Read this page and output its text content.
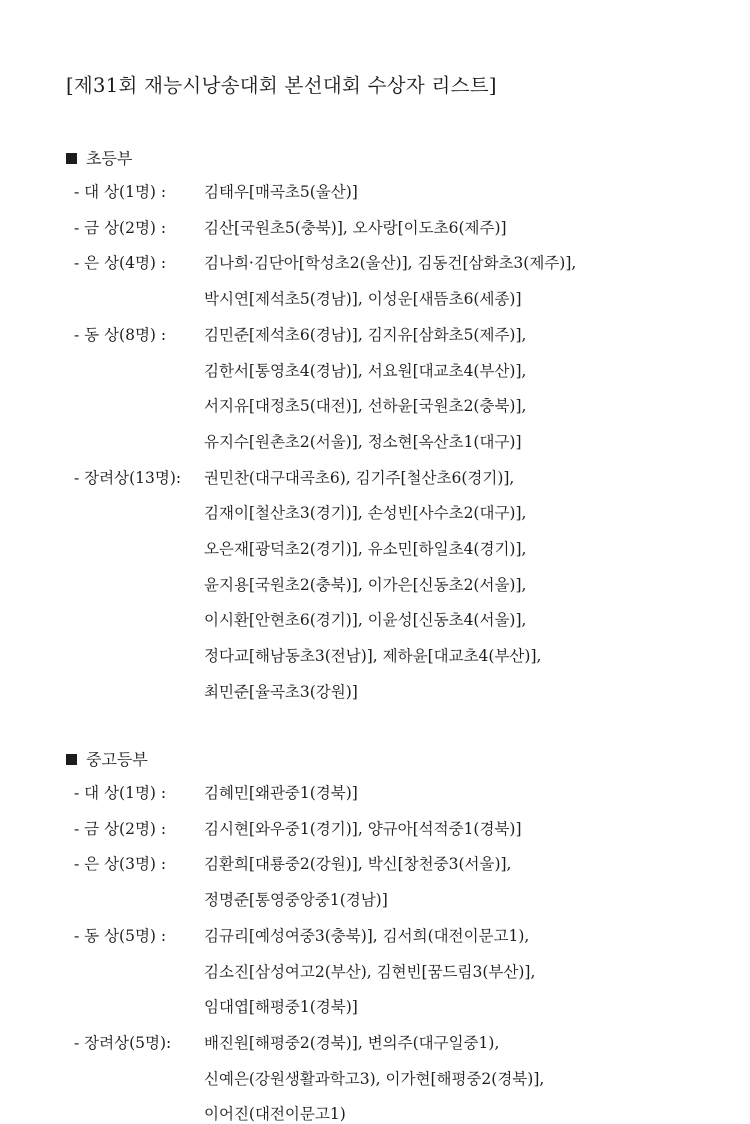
[제31회 재능시낭송대회 본선대회 수상자 리스트]
초등부
- 대 상(1명) : 김태우[매곡초5(울산)]
- 금 상(2명) : 김산[국원초5(충북)], 오사랑[이도초6(제주)]
- 은 상(4명) : 김나희·김단아[학성초2(울산)], 김동건[삼화초3(제주)],
박시연[제석초5(경남)], 이성운[새뜸초6(세종)]
- 동 상(8명) : 김민준[제석초6(경남)], 김지유[삼화초5(제주)],
김한서[통영초4(경남)], 서요원[대교초4(부산)],
서지유[대정초5(대전)], 선하윤[국원초2(충북)],
유지수[원촌초2(서울)], 정소현[옥산초1(대구)]
- 장려상(13명): 권민찬(대구대곡초6), 김기주[철산초6(경기)],
김재이[철산초3(경기)], 손성빈[사수초2(대구)],
오은재[광덕초2(경기)], 유소민[하일초4(경기)],
윤지용[국원초2(충북)], 이가은[신동초2(서울)],
이시환[안현초6(경기)], 이윤성[신동초4(서울)],
정다교[해남동초3(전남)], 제하윤[대교초4(부산)],
최민준[율곡초3(강원)]
중고등부
- 대 상(1명) : 김혜민[왜관중1(경북)]
- 금 상(2명) : 김시현[와우중1(경기)], 양규아[석적중1(경북)]
- 은 상(3명) : 김환희[대룡중2(강원)], 박신[창천중3(서울)],
정명준[통영중앙중1(경남)]
- 동 상(5명) : 김규리[예성여중3(충북)], 김서희(대전이문고1),
김소진[삼성여고2(부산), 김현빈[꿈드림3(부산)],
임대엽[해평중1(경북)]
- 장려상(5명): 배진원[해평중2(경북)], 변의주(대구일중1),
신예은(강원생활과학고3), 이가현[해평중2(경북)],
이어진(대전이문고1)
